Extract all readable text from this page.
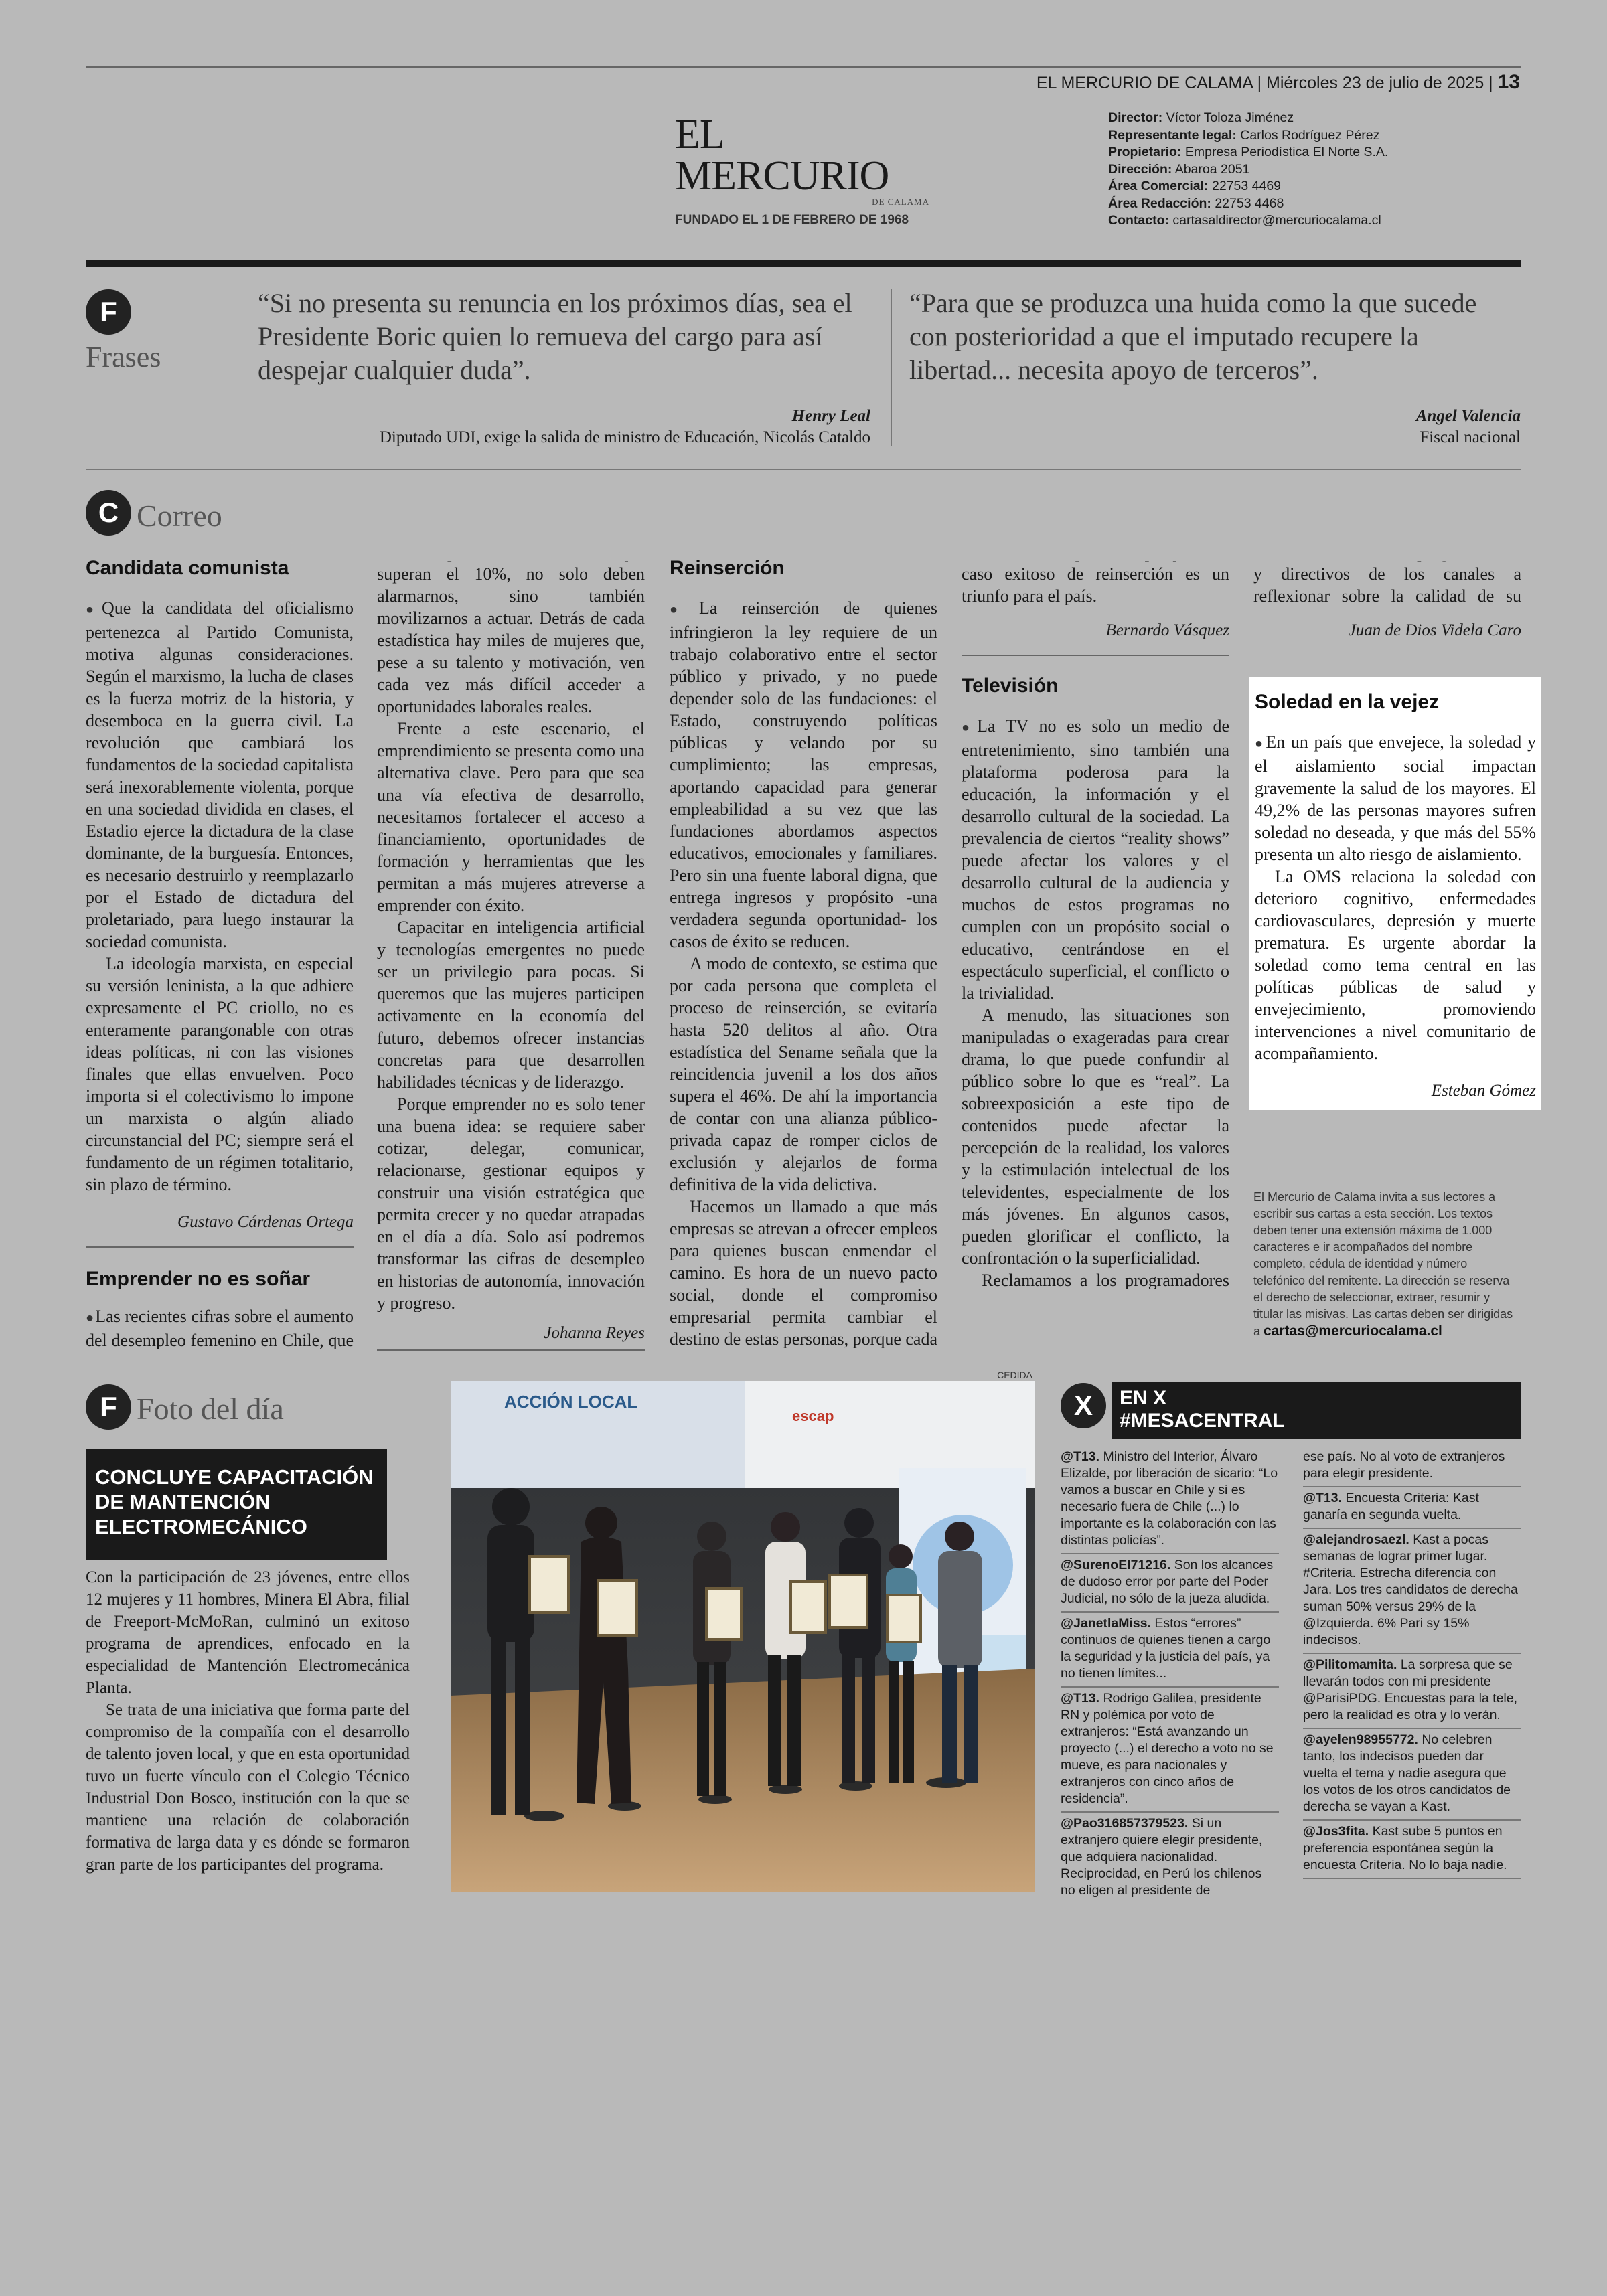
EL MERCURIO DE CALAMA | Miércoles 23 de julio de 2025 | 13
EL MERCURIO
DE CALAMA
FUNDADO EL 1 DE FEBRERO DE 1968
Director: Víctor Toloza Jiménez
Representante legal: Carlos Rodríguez Pérez
Propietario: Empresa Periodística El Norte S.A.
Dirección: Abaroa 2051
Área Comercial: 22753 4469
Área Redacción: 22753 4468
Contacto: cartasaldirector@mercuriocalama.cl
F
Frases
“Si no presenta su renuncia en los próximos días, sea el Presidente Boric quien lo remueva del cargo para así despejar cualquier duda”.
Henry Leal
Diputado UDI, exige la salida de ministro de Educación, Nicolás Cataldo
“Para que se produzca una huida como la que sucede con posterioridad a que el imputado recupere la libertad... necesita apoyo de terceros”.
Angel Valencia
Fiscal nacional
C Correo
Candidata comunista

● Que la candidata del oficialismo pertenezca al Partido Comunista, motiva algunas consideraciones. Según el marxismo, la lucha de clases es la fuerza motriz de la historia, y desemboca en la guerra civil. La revolución que cambiará los fundamentos de la sociedad capitalista será inexorablemente violenta, porque en una sociedad dividida en clases, el Estadio ejerce la dictadura de la clase dominante, de la burguesía. Entonces, es necesario destruirlo y reemplazarlo por el Estado de dictadura del proletariado, para luego instaurar la sociedad comunista.

La ideología marxista, en especial su versión leninista, a la que adhiere expresamente el PC criollo, no es enteramente parangonable con otras ideas políticas, ni con las visiones finales que ellas envuelven. Poco importa si el colectivismo lo impone un marxista o algún aliado circunstancial del PC; siempre será el fundamento de un régimen totalitario, sin plazo de término.

Gustavo Cárdenas Ortega
Emprender no es soñar

● Las recientes cifras sobre el aumento del desempleo femenino en Chile, que

● superan el 10%, no solo deben alarmarnos, sino también movilizarnos a actuar. Detrás de cada estadística hay miles de mujeres que, pese a su talento y motivación, ven cada vez más difícil acceder a oportunidades laborales reales.

Frente a este escenario, el emprendimiento se presenta como una alternativa clave. Pero para que sea una vía efectiva de desarrollo, necesitamos fortalecer el acceso a financiamiento, oportunidades de formación y herramientas que les permitan a más mujeres atreverse a emprender con éxito.

Capacitar en inteligencia artificial y tecnologías emergentes no puede ser un privilegio para pocas. Si queremos que las mujeres participen activamente en la economía del futuro, debemos ofrecer instancias concretas para que desarrollen habilidades técnicas y de liderazgo.

Porque emprender no es solo tener una buena idea: se requiere saber cotizar, delegar, comunicar, relacionarse, gestionar equipos y construir una visión estratégica que permita crecer y no quedar atrapadas en el día a día. Solo así podremos transformar las cifras de desempleo en historias de autonomía, innovación y progreso.

Johanna Reyes
Reinserción

● La reinserción de quienes infringieron la ley requiere de un trabajo colaborativo entre el sector público y privado, y no puede depender solo de las fundaciones: el Estado, construyendo políticas públicas y velando por su cumplimiento; las empresas, aportando capacidad para generar empleabilidad a su vez que las fundaciones abordamos aspectos educativos, emocionales y familiares. Pero sin una fuente laboral digna, que entrega ingresos y propósito -una verdadera segunda oportunidad- los casos de éxito se reducen.

A modo de contexto, se estima que por cada persona que completa el proceso de reinserción, se evitaría hasta 520 delitos al año. Otra estadística del Sename señala que la reincidencia juvenil a los dos años supera el 46%. De ahí la importancia de contar con una alianza público-privada capaz de romper ciclos de exclusión y alejarlos de forma definitiva de la vida delictiva.

Hacemos un llamado a que más empresas se atrevan a ofrecer empleos para quienes buscan enmendar el camino. Es hora de un nuevo pacto social, donde el compromiso empresarial permita cambiar el destino de estas personas, porque cada

caso exitoso de reinserción es un triunfo para el país.

Bernardo Vásquez
Televisión

● La TV no es solo un medio de entretenimiento, sino también una plataforma poderosa para la educación, la información y el desarrollo cultural de la sociedad. La prevalencia de ciertos “reality shows” puede afectar los valores y el desarrollo cultural de la audiencia y muchos de estos programas no cumplen con un propósito social o educativo, centrándose en el espectáculo superficial, el conflicto o la trivialidad.

A menudo, las situaciones son manipuladas o exageradas para crear drama, lo que puede confundir al público sobre lo que es “real”. La sobreexposición a este tipo de contenidos puede afectar la percepción de la realidad, los valores y la estimulación intelectual de los televidentes, especialmente de los más jóvenes. En algunos casos, pueden glorificar el conflicto, la confrontación o la superficialidad.

Reclamamos a los programadores

y directivos de los canales a reflexionar sobre la calidad de su

Juan de Dios Videla Caro
Soledad en la vejez

● En un país que envejece, la soledad y el aislamiento social impactan gravemente la salud de los mayores. El 49,2% de las personas mayores sufren soledad no deseada, y que más del 55% presenta un alto riesgo de aislamiento.

La OMS relaciona la soledad con deterioro cognitivo, enfermedades cardiovasculares, depresión y muerte prematura. Es urgente abordar la soledad como tema central en las políticas públicas de salud y envejecimiento, promoviendo intervenciones a nivel comunitario de acompañamiento.

Esteban Gómez
El Mercurio de Calama invita a sus lectores a escribir sus cartas a esta sección. Los textos deben tener una extensión máxima de 1.000 caracteres e ir acompañados del nombre completo, cédula de identidad y número telefónico del remitente. La dirección se reserva el derecho de seleccionar, extraer, resumir y titular las misivas. Las cartas deben ser dirigidas a cartas@mercuriocalama.cl
F Foto del día
CONCLUYE CAPACITACIÓN DE MANTENCIÓN ELECTROMECÁNICO

Con la participación de 23 jóvenes, entre ellos 12 mujeres y 11 hombres, Minera El Abra, filial de Freeport-McMoRan, culminó un exitoso programa de aprendices, enfocado en la especialidad de Mantención Electromecánica Planta.

Se trata de una iniciativa que forma parte del compromiso de la compañía con el desarrollo de talento joven local, y que en esta oportunidad tuvo un fuerte vínculo con el Colegio Técnico Industrial Don Bosco, institución con la que se mantiene una relación de colaboración formativa de larga data y es dónde se formaron gran parte de los participantes del programa.

CEDIDA
ACCIÓN LOCAL
escap	X	EN X
#MESACENTRAL
@T13. Ministro del Interior, Álvaro Elizalde, por liberación de sicario: “Lo vamos a buscar en Chile y si es necesario fuera de Chile (...) lo importante es la colaboración con las distintas policías”.
@SurenoEl71216. Son los alcances de dudoso error por parte del Poder Judicial, no sólo de la jueza aludida.
@JanetlaMiss. Estos “errores” continuos de quienes tienen a cargo la seguridad y la justicia del país, ya no tienen límites...
@T13. Rodrigo Galilea, presidente RN y polémica por voto de extranjeros: “Está avanzando un proyecto (...) el derecho a voto no se mueve, es para nacionales y extranjeros con cinco años de residencia”.
@Pao316857379523. Si un extranjero quiere elegir presidente, que adquiera nacionalidad. Reciprocidad, en Perú los chilenos no eligen al presidente de
ese país. No al voto de extranjeros para elegir presidente.
@T13. Encuesta Criteria: Kast ganaría en segunda vuelta.
@alejandrosaezl. Kast a pocas semanas de lograr primer lugar. #Criteria. Estrecha diferencia con Jara. Los tres candidatos de derecha suman 50% versus 29% de la @Izquierda. 6% Pari sy 15% indecisos.
@Pilitomamita. La sorpresa que se llevarán todos con mi presidente @ParisiPDG. Encuestas para la tele, pero la realidad es otra y lo verán.
@ayelen98955772. No celebren tanto, los indecisos pueden dar vuelta el tema y nadie asegura que los votos de los otros candidatos de derecha se vayan a Kast.
@Jos3fita. Kast sube 5 puntos en preferencia espontánea según la encuesta Criteria. No lo baja nadie.
